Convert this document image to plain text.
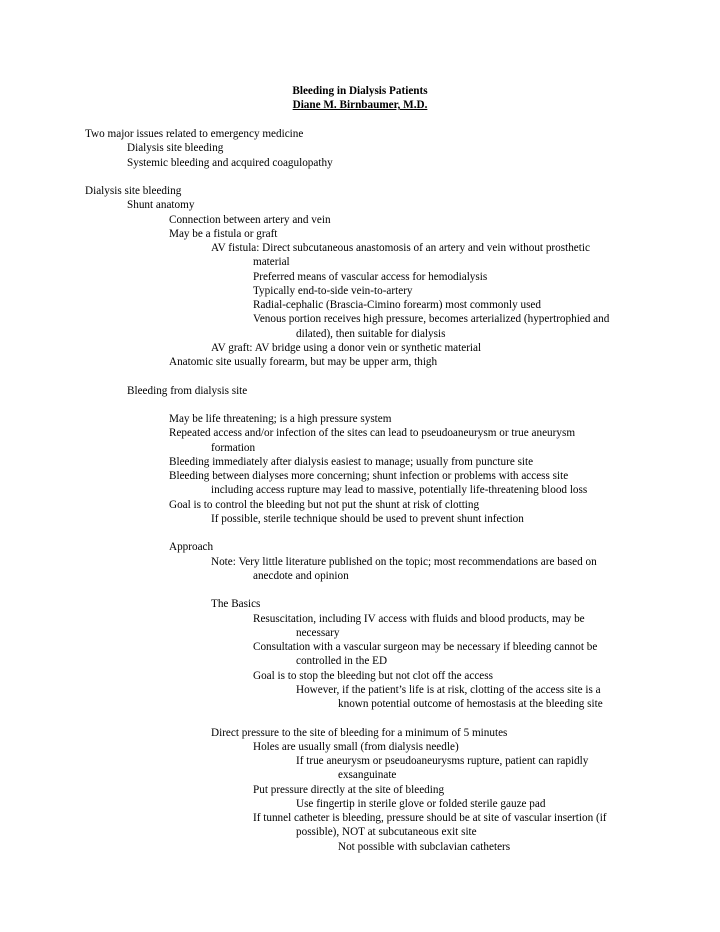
Bleeding in Dialysis Patients
Diane M. Birnbaumer, M.D.
Two major issues related to emergency medicine
Dialysis site bleeding
Systemic bleeding and acquired coagulopathy
Dialysis site bleeding
Shunt anatomy
Connection between artery and vein
May be a fistula or graft
AV fistula: Direct subcutaneous anastomosis of an artery and vein without prosthetic
material
Preferred means of vascular access for hemodialysis
Typically end-to-side vein-to-artery
Radial-cephalic (Brascia-Cimino forearm) most commonly used
Venous portion receives high pressure, becomes arterialized (hypertrophied and
dilated), then suitable for dialysis
AV graft: AV bridge using a donor vein or synthetic material
Anatomic site usually forearm, but may be upper arm, thigh
Bleeding from dialysis site
May be life threatening; is a high pressure system
Repeated access and/or infection of the sites can lead to pseudoaneurysm or true aneurysm
formation
Bleeding immediately after dialysis easiest to manage; usually from puncture site
Bleeding between dialyses more concerning; shunt infection or problems with access site
including access rupture may lead to massive, potentially life-threatening blood loss
Goal is to control the bleeding but not put the shunt at risk of clotting
If possible, sterile technique should be used to prevent shunt infection
Approach
Note: Very little literature published on the topic; most recommendations are based on
anecdote and opinion
The Basics
Resuscitation, including IV access with fluids and blood products, may be
necessary
Consultation with a vascular surgeon may be necessary if bleeding cannot be
controlled in the ED
Goal is to stop the bleeding but not clot off the access
However, if the patient’s life is at risk, clotting of the access site is a
known potential outcome of hemostasis at the bleeding site
Direct pressure to the site of bleeding for a minimum of 5 minutes
Holes are usually small (from dialysis needle)
If true aneurysm or pseudoaneurysms rupture, patient can rapidly
exsanguinate
Put pressure directly at the site of bleeding
Use fingertip in sterile glove or folded sterile gauze pad
If tunnel catheter is bleeding, pressure should be at site of vascular insertion (if
possible), NOT at subcutaneous exit site
Not possible with subclavian catheters
